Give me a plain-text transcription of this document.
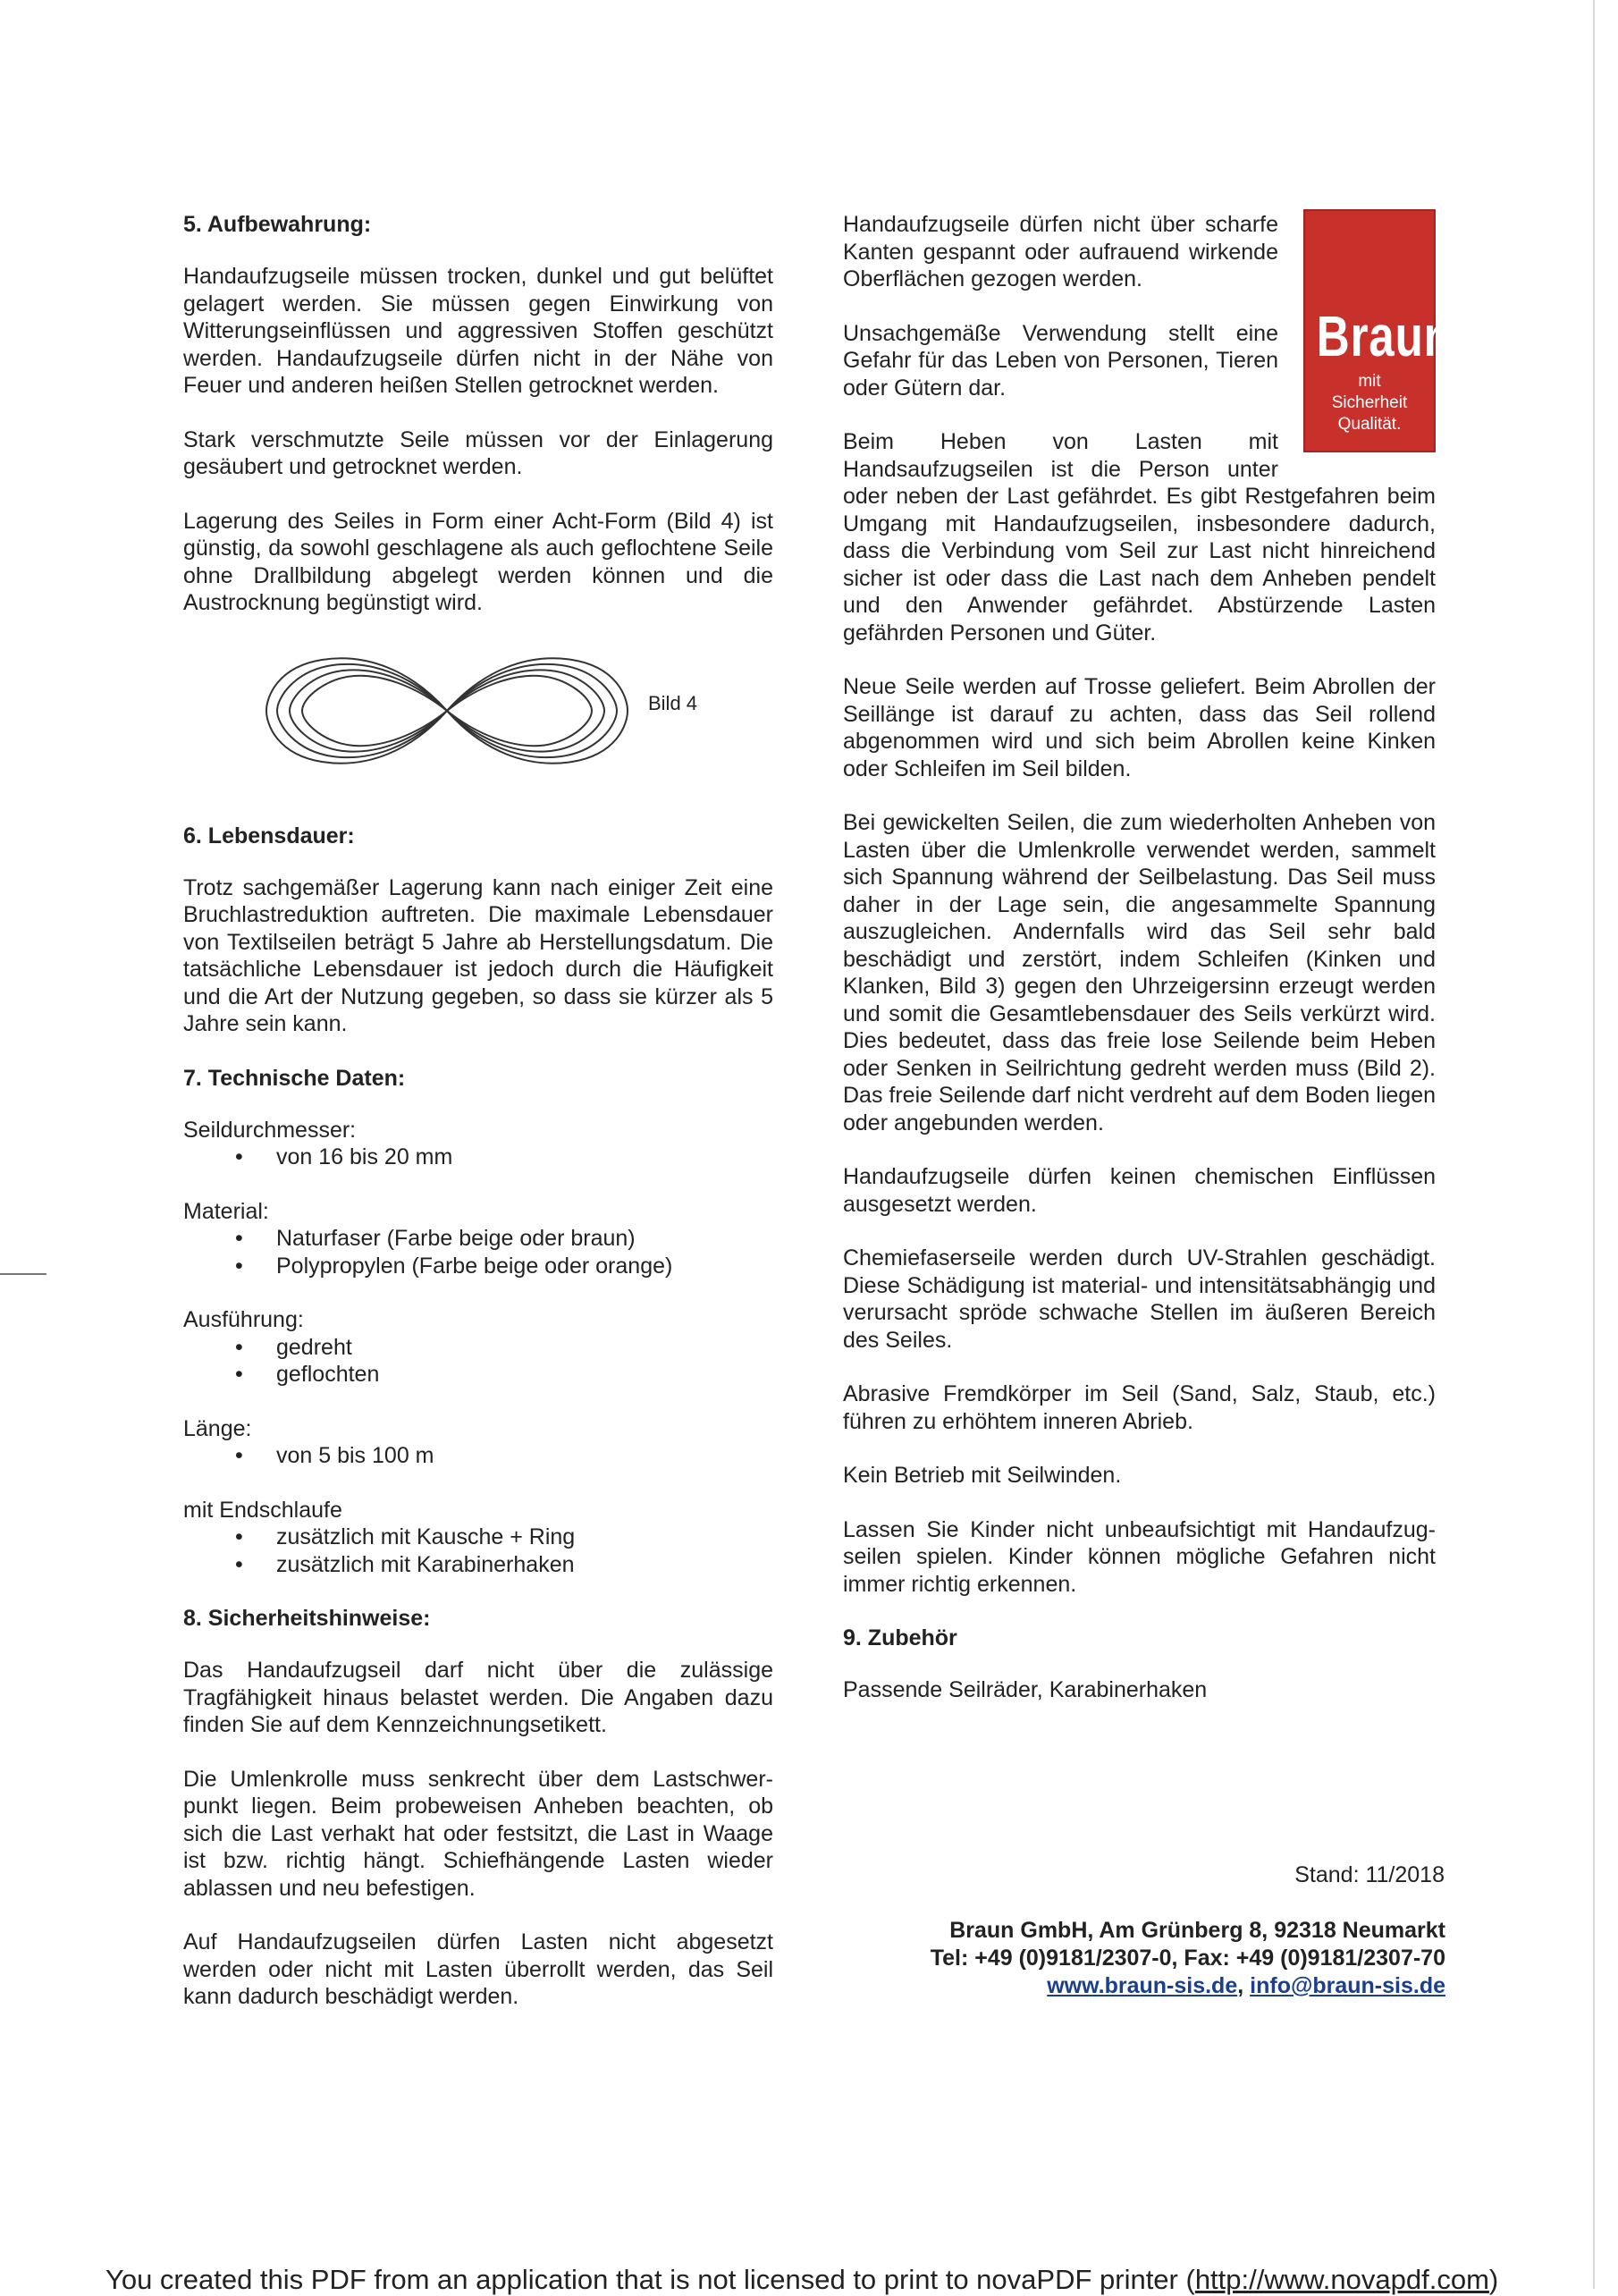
5. Aufbewahrung:

Handaufzugseile müssen trocken, dunkel und gut belüftet gelagert werden. Sie müssen gegen Einwirkung von Witterungseinflüssen und aggressiven Stoffen geschützt werden. Handaufzugseile dürfen nicht in der Nähe von Feuer und anderen heißen Stellen getrocknet werden.

Stark verschmutzte Seile müssen vor der Einlagerung gesäubert und getrocknet werden.

Lagerung des Seiles in Form einer Acht-Form (Bild 4) ist günstig, da sowohl geschlagene als auch geflochtene Seile ohne Drallbildung abgelegt werden können und die Austrocknung begünstigt wird.

Bild 4
6. Lebensdauer:

Trotz sachgemäßer Lagerung kann nach einiger Zeit eine Bruchlastreduktion auftreten. Die maximale Lebensdauer von Textilseilen beträgt 5 Jahre ab Herstellungsdatum. Die tatsächliche Lebensdauer ist jedoch durch die Häufigkeit und die Art der Nutzung gegeben, so dass sie kürzer als 5 Jahre sein kann.

7. Technische Daten:
Seildurchmesser:
• von 16 bis 20 mm
Material:
• Naturfaser (Farbe beige oder braun)
• Polypropylen (Farbe beige oder orange)
Ausführung:
• gedreht
• geflochten
Länge:
• von 5 bis 100 m
mit Endschlaufe
• zusätzlich mit Kausche + Ring
• zusätzlich mit Karabinerhaken
8. Sicherheitshinweise:

Das Handaufzugseil darf nicht über die zulässige Tragfähigkeit hinaus belastet werden. Die Angaben dazu finden Sie auf dem Kennzeichnungsetikett.

Die Umlenkrolle muss senkrecht über dem Lastschwer-punkt liegen. Beim probeweisen Anheben beachten, ob sich die Last verhakt hat oder festsitzt, die Last in Waage ist bzw. richtig hängt. Schiefhängende Lasten wieder ablassen und neu befestigen.

Auf Handaufzugseilen dürfen Lasten nicht abgesetzt werden oder nicht mit Lasten überrollt werden, das Seil kann dadurch beschädigt werden.

Braun
mit
Sicherheit
Qualität.

Handaufzugseile dürfen nicht über scharfe Kanten gespannt oder aufrauend wirkende Oberflächen gezogen werden.

Unsachgemäße Verwendung stellt eine Gefahr für das Leben von Personen, Tieren oder Gütern dar.

Beim Heben von Lasten mit Handsaufzugseilen ist die Person unter oder neben der Last gefährdet. Es gibt Restgefahren beim Umgang mit Handaufzugseilen, insbesondere dadurch, dass die Verbindung vom Seil zur Last nicht hinreichend sicher ist oder dass die Last nach dem Anheben pendelt und den Anwender gefährdet. Abstürzende Lasten gefährden Personen und Güter.

Neue Seile werden auf Trosse geliefert. Beim Abrollen der Seillänge ist darauf zu achten, dass das Seil rollend abgenommen wird und sich beim Abrollen keine Kinken oder Schleifen im Seil bilden.

Bei gewickelten Seilen, die zum wiederholten Anheben von Lasten über die Umlenkrolle verwendet werden, sammelt sich Spannung während der Seilbelastung. Das Seil muss daher in der Lage sein, die angesammelte Spannung auszugleichen. Andernfalls wird das Seil sehr bald beschädigt und zerstört, indem Schleifen (Kinken und Klanken, Bild 3) gegen den Uhrzeigersinn erzeugt werden und somit die Gesamtlebensdauer des Seils verkürzt wird. Dies bedeutet, dass das freie lose Seilende beim Heben oder Senken in Seilrichtung gedreht werden muss (Bild 2). Das freie Seilende darf nicht verdreht auf dem Boden liegen oder angebunden werden.

Handaufzugseile dürfen keinen chemischen Einflüssen ausgesetzt werden.

Chemiefaserseile werden durch UV-Strahlen geschädigt. Diese Schädigung ist material- und intensitätsabhängig und verursacht spröde schwache Stellen im äußeren Bereich des Seiles.

Abrasive Fremdkörper im Seil (Sand, Salz, Staub, etc.) führen zu erhöhtem inneren Abrieb.

Kein Betrieb mit Seilwinden.

Lassen Sie Kinder nicht unbeaufsichtigt mit Handaufzug-seilen spielen. Kinder können mögliche Gefahren nicht immer richtig erkennen.

9. Zubehör

Passende Seilräder, Karabinerhaken

Stand: 11/2018
Braun GmbH, Am Grünberg 8, 92318 Neumarkt
Tel: +49 (0)9181/2307-0, Fax: +49 (0)9181/2307-70
www.braun-sis.de, info@braun-sis.de
You created this PDF from an application that is not licensed to print to novaPDF printer (http://www.novapdf.com)
